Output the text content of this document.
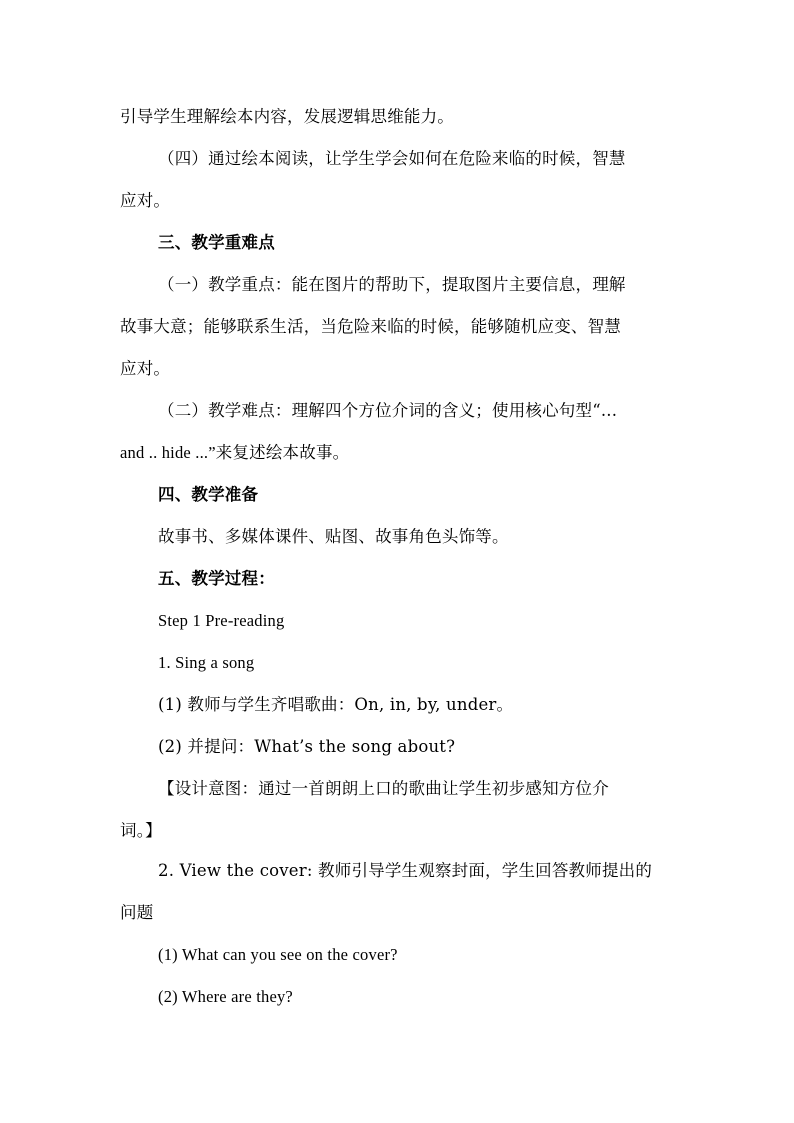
引导学生理解绘本内容，发展逻辑思维能力。
（四）通过绘本阅读，让学生学会如何在危险来临的时候，智慧
应对。
三、教学重难点
（一）教学重点：能在图片的帮助下，提取图片主要信息，理解
故事大意；能够联系生活，当危险来临的时候，能够随机应变、智慧
应对。
（二）教学难点：理解四个方位介词的含义；使用核心句型“...
and .. hide ...”来复述绘本故事。
四、教学准备
故事书、多媒体课件、贴图、故事角色头饰等。
五、教学过程：
Step 1 Pre-reading
1. Sing a song
(1) 教师与学生齐唱歌曲：On, in, by, under。
(2) 并提问：What’s the song about?
【设计意图：通过一首朗朗上口的歌曲让学生初步感知方位介
词。】
2. View the cover: 教师引导学生观察封面，学生回答教师提出的
问题
(1) What can you see on the cover?
(2) Where are they?
